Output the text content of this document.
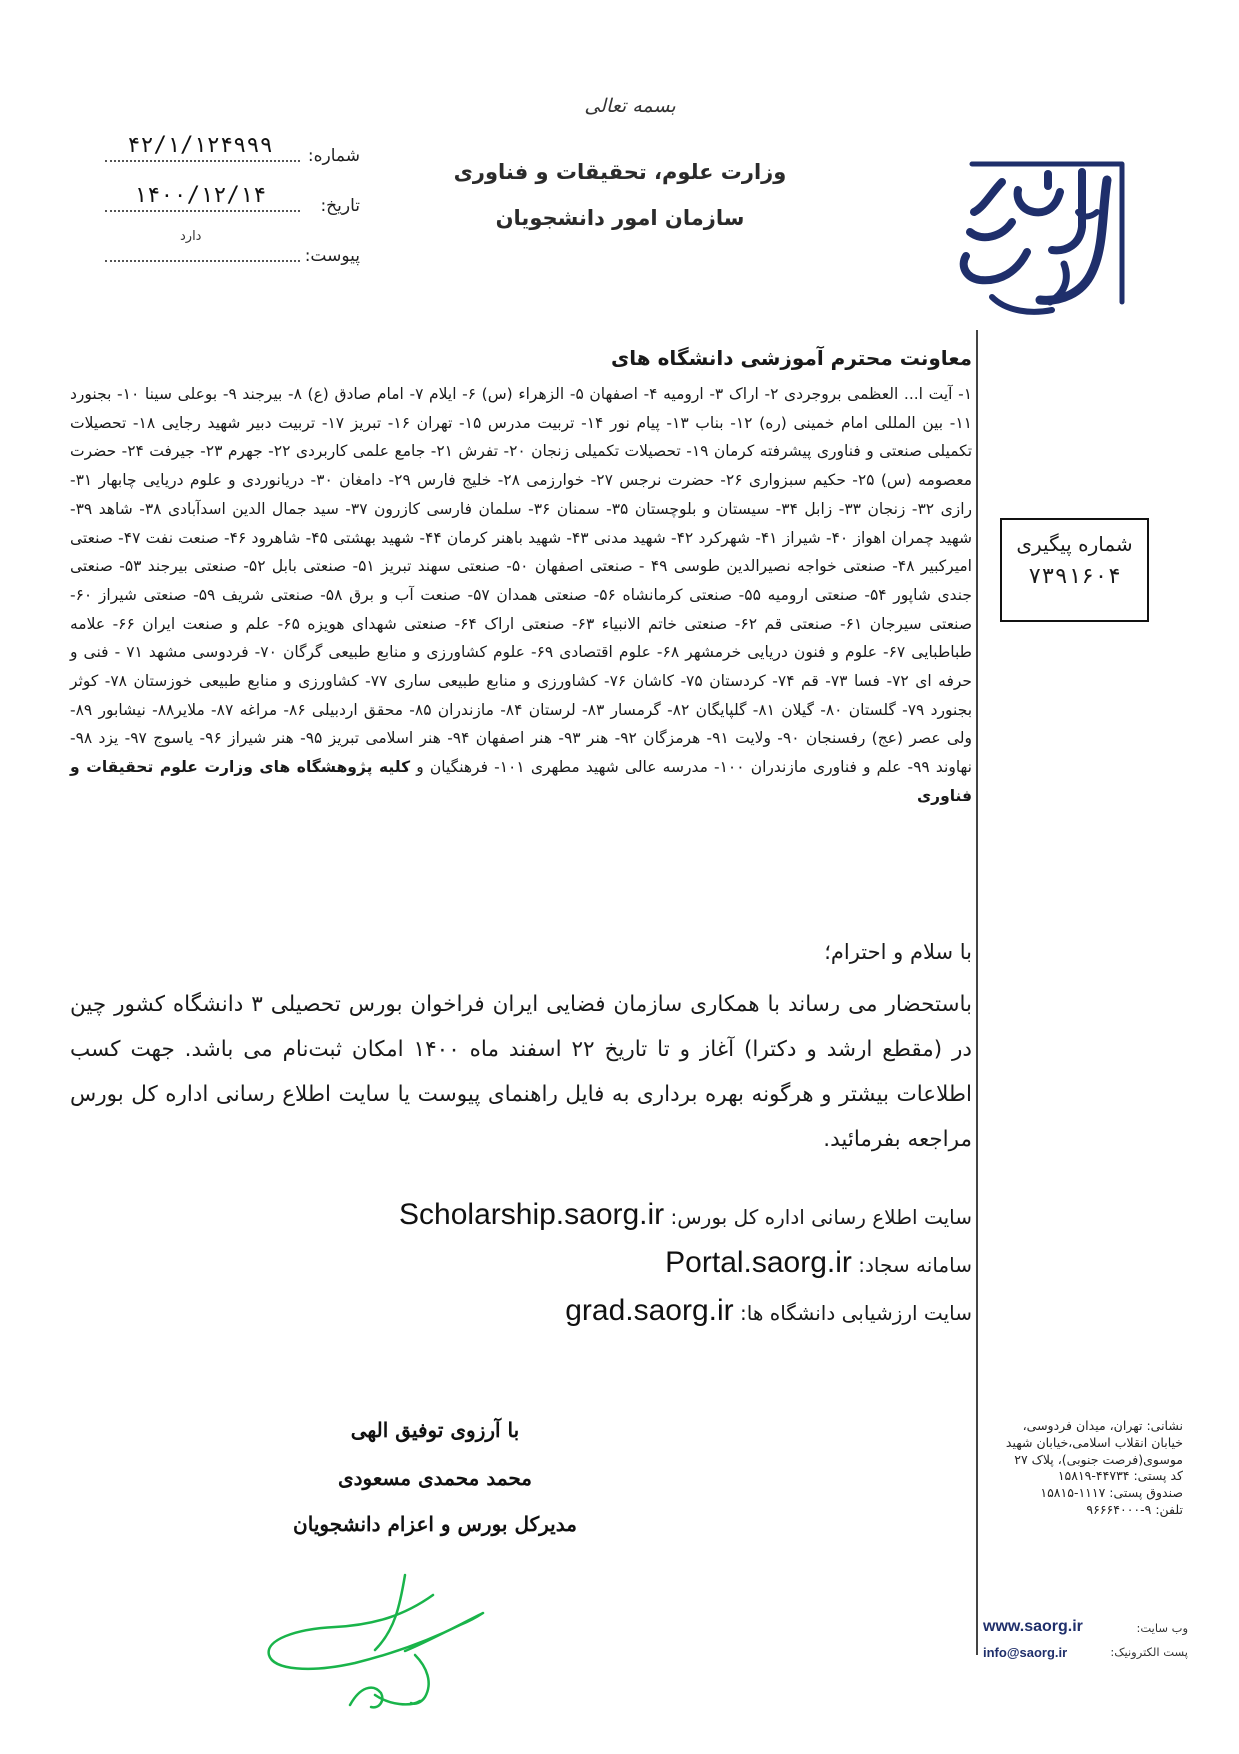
بسمه تعالی
وزارت علوم، تحقیقات و فناوری
سازمان امور دانشجویان
شماره:
۴۲/۱/۱۲۴۹۹۹
تاریخ:
۱۴۰۰/۱۲/۱۴
پیوست:
دارد
شماره پیگیری
۷۳۹۱۶۰۴
معاونت محترم آموزشی دانشگاه های
۱- آیت ا... العظمی بروجردی ۲- اراک ۳- ارومیه ۴- اصفهان ۵- الزهراء (س) ۶- ایلام ۷- امام صادق (ع) ۸- بیرجند ۹- بوعلی سینا ۱۰- بجنورد ۱۱- بین المللی امام خمینی (ره) ۱۲- بناب ۱۳- پیام نور ۱۴- تربیت مدرس ۱۵- تهران ۱۶- تبریز ۱۷- تربیت دبیر شهید رجایی ۱۸- تحصیلات تکمیلی صنعتی و فناوری پیشرفته کرمان ۱۹- تحصیلات تکمیلی زنجان ۲۰- تفرش ۲۱- جامع علمی کاربردی ۲۲- جهرم ۲۳- جیرفت ۲۴- حضرت معصومه (س) ۲۵- حکیم سبزواری ۲۶- حضرت نرجس ۲۷- خوارزمی ۲۸- خلیج فارس ۲۹- دامغان ۳۰- دریانوردی و علوم دریایی چابهار ۳۱- رازی ۳۲- زنجان ۳۳- زابل ۳۴- سیستان و بلوچستان ۳۵- سمنان ۳۶- سلمان فارسی کازرون ۳۷- سید جمال الدین اسدآبادی ۳۸- شاهد ۳۹- شهید چمران اهواز ۴۰- شیراز ۴۱- شهرکرد ۴۲- شهید مدنی ۴۳- شهید باهنر کرمان ۴۴- شهید بهشتی ۴۵- شاهرود ۴۶- صنعت نفت ۴۷- صنعتی امیرکبیر ۴۸- صنعتی خواجه نصیرالدین طوسی ۴۹ - صنعتی اصفهان ۵۰- صنعتی سهند تبریز ۵۱- صنعتی بابل ۵۲- صنعتی بیرجند ۵۳- صنعتی جندی شاپور ۵۴- صنعتی ارومیه ۵۵- صنعتی کرمانشاه ۵۶- صنعتی همدان ۵۷- صنعت آب و برق ۵۸- صنعتی شریف ۵۹- صنعتی شیراز ۶۰- صنعتی سیرجان ۶۱- صنعتی قم ۶۲- صنعتی خاتم الانبیاء ۶۳- صنعتی اراک ۶۴- صنعتی شهدای هویزه ۶۵- علم و صنعت ایران ۶۶- علامه طباطبایی ۶۷- علوم و فنون دریایی خرمشهر ۶۸- علوم اقتصادی ۶۹- علوم کشاورزی و منابع طبیعی گرگان ۷۰- فردوسی مشهد ۷۱ - فنی و حرفه ای ۷۲- فسا ۷۳- قم ۷۴- کردستان ۷۵- کاشان ۷۶- کشاورزی و منابع طبیعی ساری ۷۷- کشاورزی و منابع طبیعی خوزستان ۷۸- کوثر بجنورد ۷۹- گلستان ۸۰- گیلان ۸۱- گلپایگان ۸۲- گرمسار ۸۳- لرستان ۸۴- مازندران ۸۵- محقق اردبیلی ۸۶- مراغه ۸۷- ملایر۸۸- نیشابور ۸۹- ولی عصر (عج) رفسنجان ۹۰- ولایت ۹۱- هرمزگان ۹۲- هنر ۹۳- هنر اصفهان ۹۴- هنر اسلامی تبریز ۹۵- هنر شیراز ۹۶- یاسوج ۹۷- یزد ۹۸- نهاوند ۹۹- علم و فناوری مازندران ۱۰۰- مدرسه عالی شهید مطهری ۱۰۱- فرهنگیان و کلیه پژوهشگاه های وزارت علوم تحقیقات و فناوری
با سلام و احترام؛
باستحضار می رساند با همکاری سازمان فضایی ایران فراخوان بورس تحصیلی ۳ دانشگاه کشور چین در (مقطع ارشد و دکترا) آغاز و تا تاریخ ۲۲ اسفند ماه ۱۴۰۰ امکان ثبت‌نام می باشد. جهت کسب اطلاعات بیشتر و هرگونه بهره برداری به فایل راهنمای پیوست یا سایت اطلاع رسانی اداره کل بورس مراجعه بفرمائید.
سایت اطلاع رسانی اداره کل بورس: Scholarship.saorg.ir
سامانه سجاد: Portal.saorg.ir
سایت ارزشیابی دانشگاه ها: grad.saorg.ir
با آرزوی توفیق الهی
محمد محمدی مسعودی
مدیرکل بورس و اعزام دانشجویان
نشانی: تهران، میدان فردوسی،
خیابان انقلاب اسلامی،خیابان شهید
موسوی(فرصت جنوبی)، پلاک ۲۷
کد پستی: ۴۴۷۳۴-۱۵۸۱۹
صندوق پستی: ۱۱۱۷-۱۵۸۱۵
تلفن: ۹-۹۶۶۶۴۰۰۰
وب سایت:
www.saorg.ir
پست الکترونیک:
info@saorg.ir
